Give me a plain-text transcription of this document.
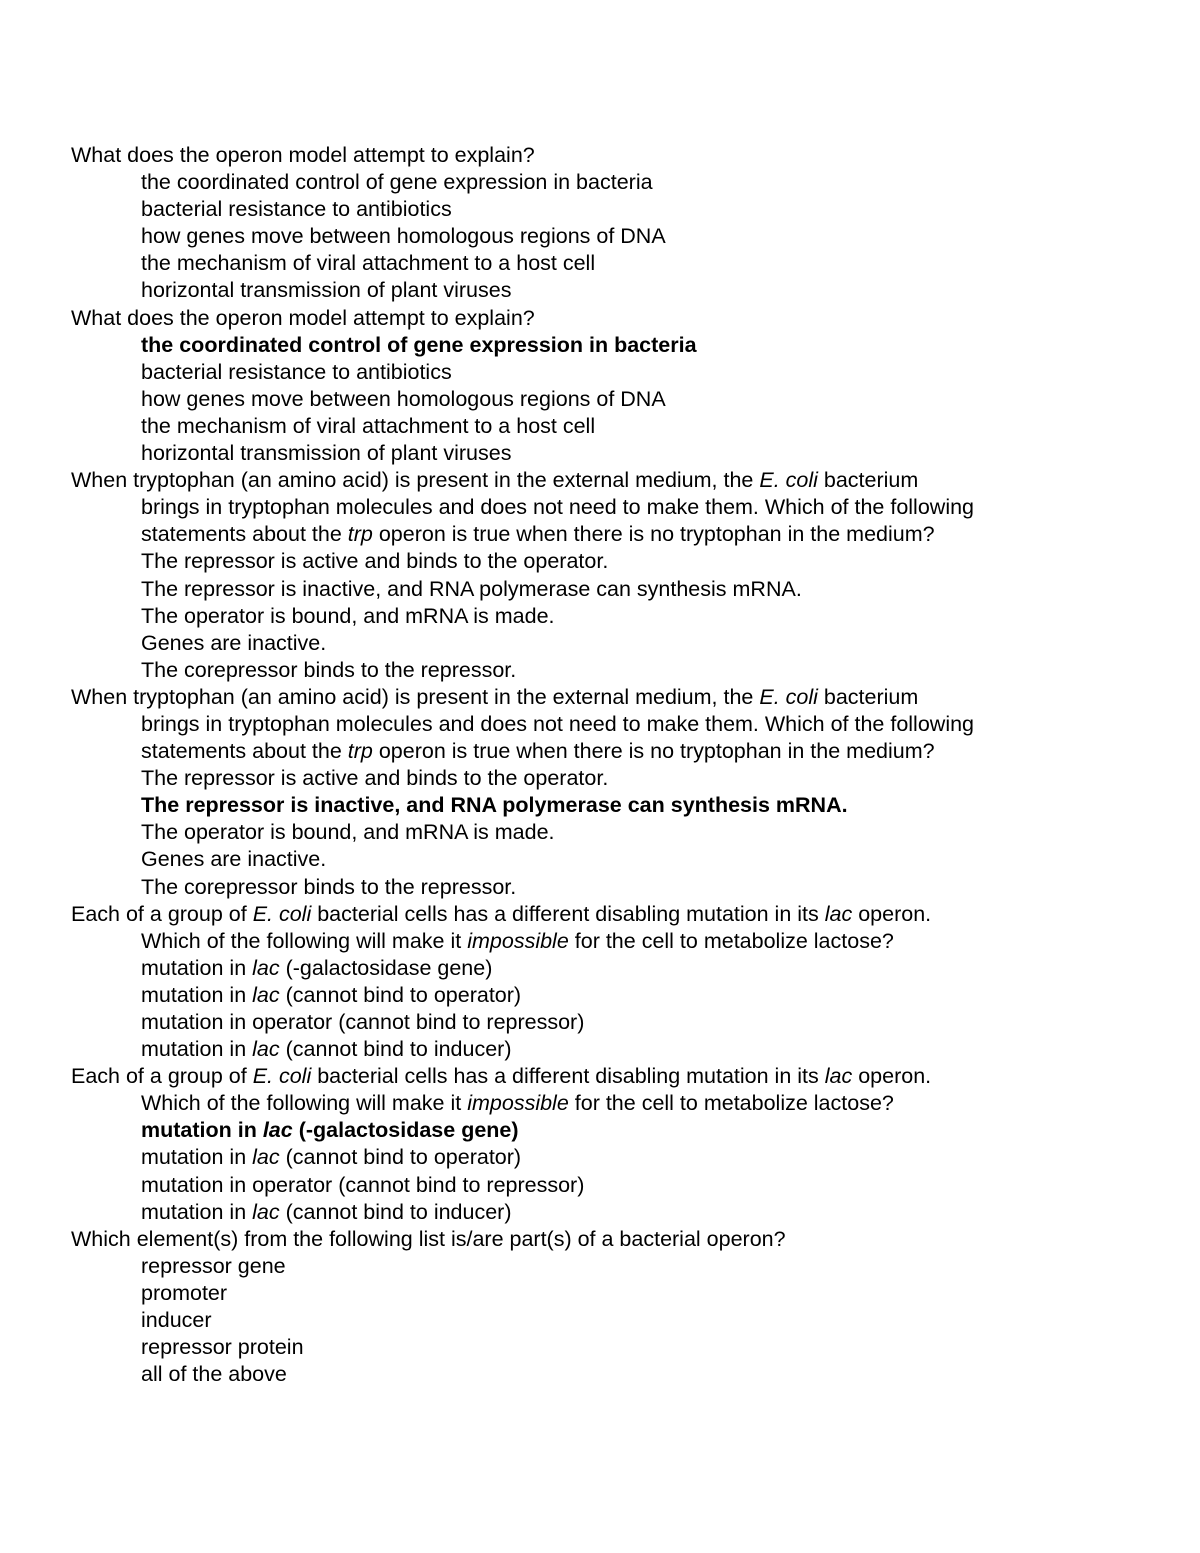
What does the operon model attempt to explain?
the coordinated control of gene expression in bacteria
bacterial resistance to antibiotics
how genes move between homologous regions of DNA
the mechanism of viral attachment to a host cell
horizontal transmission of plant viruses
What does the operon model attempt to explain?
the coordinated control of gene expression in bacteria
bacterial resistance to antibiotics
how genes move between homologous regions of DNA
the mechanism of viral attachment to a host cell
horizontal transmission of plant viruses
When tryptophan (an amino acid) is present in the external medium, the E. coli bacterium
brings in tryptophan molecules and does not need to make them. Which of the following
statements about the trp operon is true when there is no tryptophan in the medium?
The repressor is active and binds to the operator.
The repressor is inactive, and RNA polymerase can synthesis mRNA.
The operator is bound, and mRNA is made.
Genes are inactive.
The corepressor binds to the repressor.
When tryptophan (an amino acid) is present in the external medium, the E. coli bacterium
brings in tryptophan molecules and does not need to make them. Which of the following
statements about the trp operon is true when there is no tryptophan in the medium?
The repressor is active and binds to the operator.
The repressor is inactive, and RNA polymerase can synthesis mRNA.
The operator is bound, and mRNA is made.
Genes are inactive.
The corepressor binds to the repressor.
Each of a group of E. coli bacterial cells has a different disabling mutation in its lac operon.
Which of the following will make it impossible for the cell to metabolize lactose?
mutation in lac (-galactosidase gene)
mutation in lac (cannot bind to operator)
mutation in operator (cannot bind to repressor)
mutation in lac (cannot bind to inducer)
Each of a group of E. coli bacterial cells has a different disabling mutation in its lac operon.
Which of the following will make it impossible for the cell to metabolize lactose?
mutation in lac (-galactosidase gene)
mutation in lac (cannot bind to operator)
mutation in operator (cannot bind to repressor)
mutation in lac (cannot bind to inducer)
Which element(s) from the following list is/are part(s) of a bacterial operon?
repressor gene
promoter
inducer
repressor protein
all of the above
